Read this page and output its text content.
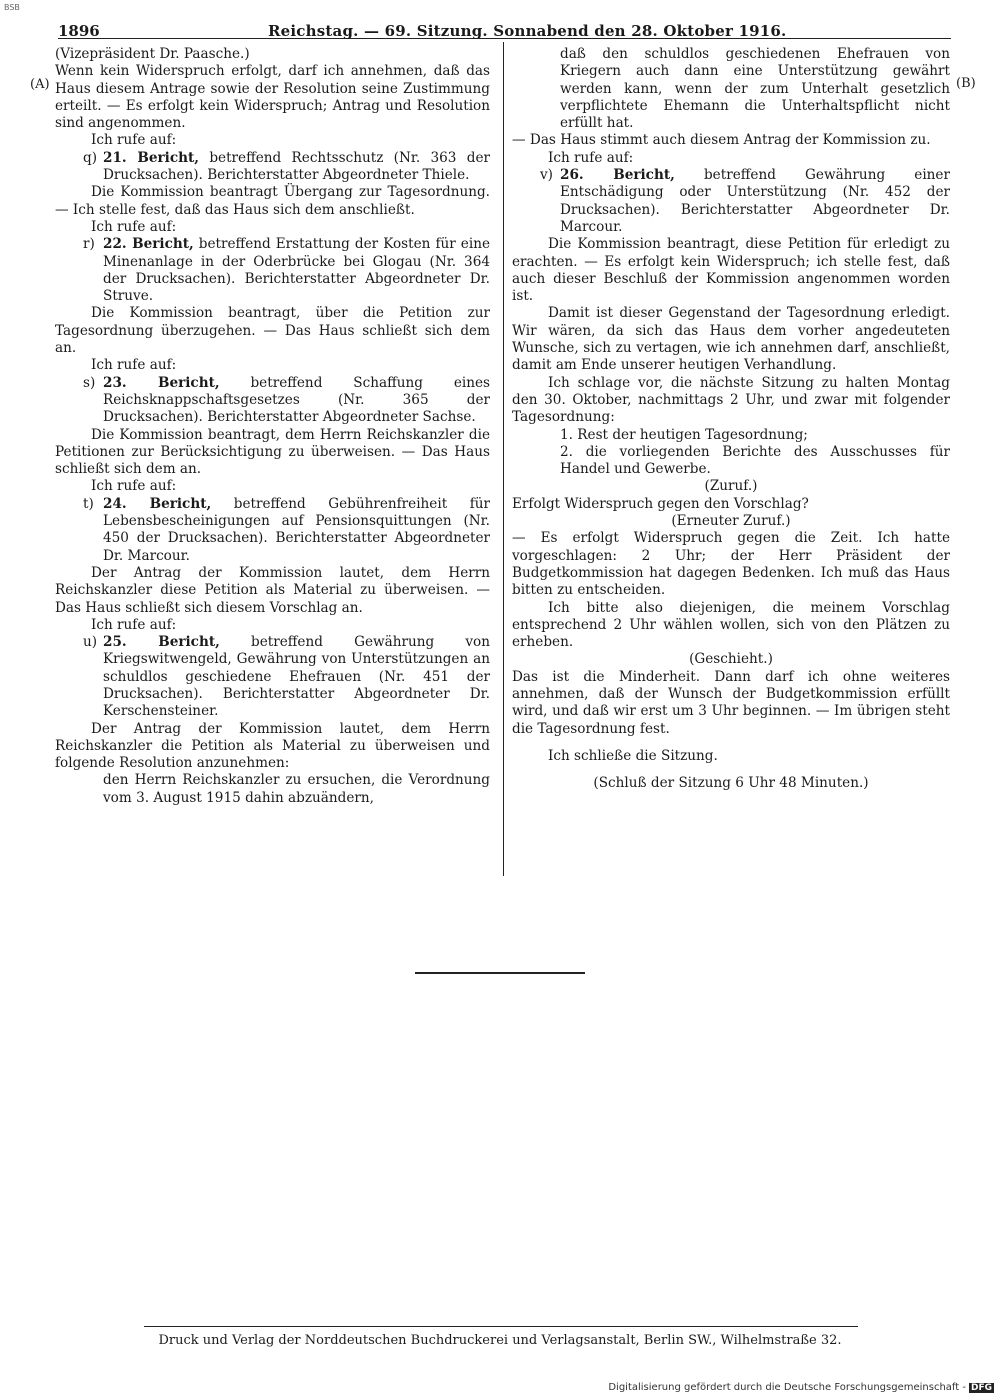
BSB
1896	Reichstag. — 69. Sitzung. Sonnabend den 28. Oktober 1916.
(A)	(B)

(Vizepräsident Dr. Paasche.)

Wenn kein Widerspruch erfolgt, darf ich annehmen, daß das Haus diesem Antrage sowie der Resolution seine Zustimmung erteilt. — Es erfolgt kein Widerspruch; Antrag und Resolution sind angenommen.

Ich rufe auf:

q) 21. Bericht, betreffend Rechtsschutz (Nr. 363 der Drucksachen). Berichterstatter Abgeordneter Thiele.

Die Kommission beantragt Übergang zur Tagesordnung. — Ich stelle fest, daß das Haus sich dem anschließt.

Ich rufe auf:

r) 22. Bericht, betreffend Erstattung der Kosten für eine Minenanlage in der Oderbrücke bei Glogau (Nr. 364 der Drucksachen). Berichterstatter Abgeordneter Dr. Struve.

Die Kommission beantragt, über die Petition zur Tagesordnung überzugehen. — Das Haus schließt sich dem an.

Ich rufe auf:

s) 23. Bericht, betreffend Schaffung eines Reichsknappschaftsgesetzes (Nr. 365 der Drucksachen). Berichterstatter Abgeordneter Sachse.

Die Kommission beantragt, dem Herrn Reichskanzler die Petitionen zur Berücksichtigung zu überweisen. — Das Haus schließt sich dem an.

Ich rufe auf:

t) 24. Bericht, betreffend Gebührenfreiheit für Lebensbescheinigungen auf Pensionsquittungen (Nr. 450 der Drucksachen). Berichterstatter Abgeordneter Dr. Marcour.

Der Antrag der Kommission lautet, dem Herrn Reichskanzler diese Petition als Material zu überweisen. — Das Haus schließt sich diesem Vorschlag an.

Ich rufe auf:

u) 25. Bericht, betreffend Gewährung von Kriegswitwengeld, Gewährung von Unterstützungen an schuldlos geschiedene Ehefrauen (Nr. 451 der Drucksachen). Berichterstatter Abgeordneter Dr. Kerschensteiner.

Der Antrag der Kommission lautet, dem Herrn Reichskanzler die Petition als Material zu überweisen und folgende Resolution anzunehmen:

den Herrn Reichskanzler zu ersuchen, die Verordnung vom 3. August 1915 dahin abzuändern,

daß den schuldlos geschiedenen Ehefrauen von Kriegern auch dann eine Unterstützung gewährt werden kann, wenn der zum Unterhalt gesetzlich verpflichtete Ehemann die Unterhaltspflicht nicht erfüllt hat.

— Das Haus stimmt auch diesem Antrag der Kommission zu.

Ich rufe auf:

v) 26. Bericht, betreffend Gewährung einer Entschädigung oder Unterstützung (Nr. 452 der Drucksachen). Berichterstatter Abgeordneter Dr. Marcour.

Die Kommission beantragt, diese Petition für erledigt zu erachten. — Es erfolgt kein Widerspruch; ich stelle fest, daß auch dieser Beschluß der Kommission angenommen worden ist.

Damit ist dieser Gegenstand der Tagesordnung erledigt. Wir wären, da sich das Haus dem vorher angedeuteten Wunsche, sich zu vertagen, wie ich annehmen darf, anschließt, damit am Ende unserer heutigen Verhandlung.

Ich schlage vor, die nächste Sitzung zu halten Montag den 30. Oktober, nachmittags 2 Uhr, und zwar mit folgender Tagesordnung:

1. Rest der heutigen Tagesordnung;

2. die vorliegenden Berichte des Ausschusses für Handel und Gewerbe.

(Zuruf.)

Erfolgt Widerspruch gegen den Vorschlag?

(Erneuter Zuruf.)

— Es erfolgt Widerspruch gegen die Zeit. Ich hatte vorgeschlagen: 2 Uhr; der Herr Präsident der Budgetkommission hat dagegen Bedenken. Ich muß das Haus bitten zu entscheiden.

Ich bitte also diejenigen, die meinem Vorschlag entsprechend 2 Uhr wählen wollen, sich von den Plätzen zu erheben.

(Geschieht.)

Das ist die Minderheit. Dann darf ich ohne weiteres annehmen, daß der Wunsch der Budgetkommission erfüllt wird, und daß wir erst um 3 Uhr beginnen. — Im übrigen steht die Tagesordnung fest.

Ich schließe die Sitzung.

(Schluß der Sitzung 6 Uhr 48 Minuten.)

Druck und Verlag der Norddeutschen Buchdruckerei und Verlagsanstalt, Berlin SW., Wilhelmstraße 32.
Digitalisierung gefördert durch die Deutsche Forschungsgemeinschaft - DFG
